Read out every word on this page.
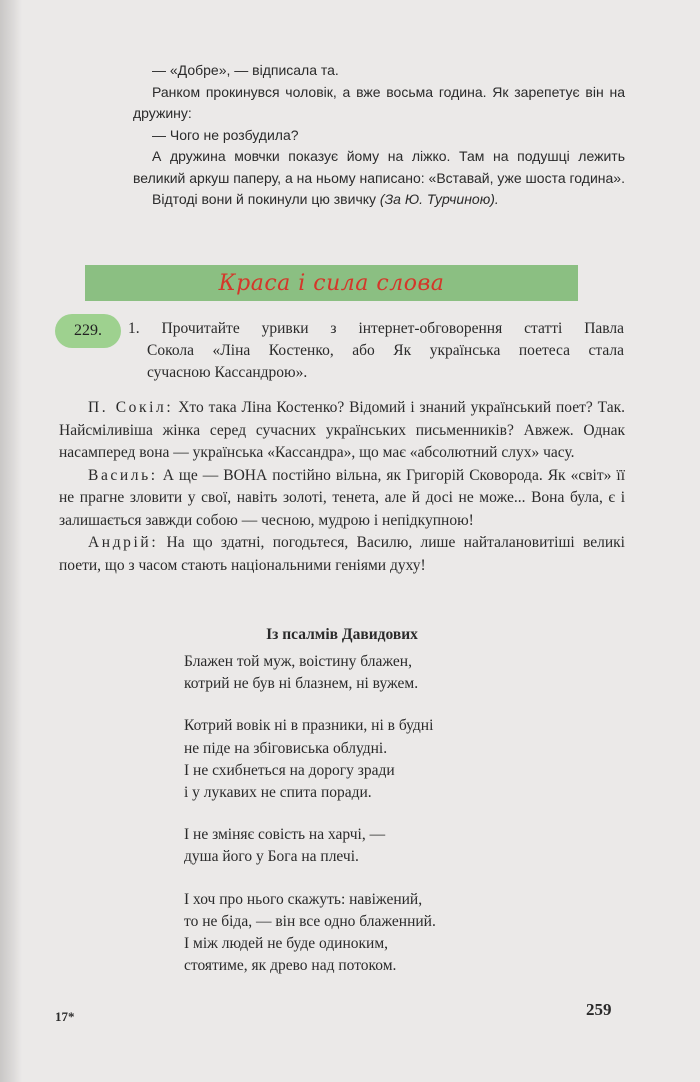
— «Добре», — відписала та.

Ранком прокинувся чоловік, а вже восьма година. Як зарепетує він на дружину:

— Чого не розбудила?

А дружина мовчки показує йому на ліжко. Там на подушці лежить великий аркуш паперу, а на ньому написано: «Вставай, уже шоста година».

Відтоді вони й покинули цю звичку (За Ю. Турчиною).

Краса і сила слова
229.	1. Прочитайте уривки з інтернет-обговорення статті Павла
Сокола «Ліна Костенко, або Як українська поетеса стала
сучасною Кассандрою».

П. Сокіл: Хто така Ліна Костенко? Відомий і знаний український поет? Так. Найсміливіша жінка серед сучасних українських письменників? Авжеж. Однак насамперед вона — українська «Кассандра», що має «абсолютний слух» часу.

Василь: А ще — ВОНА постійно вільна, як Григорій Сковорода. Як «світ» її не прагне зловити у свої, навіть золоті, тенета, але й досі не може... Вона була, є і залишається завжди собою — чесною, мудрою і непідкупною!

Андрій: На що здатні, погодьтеся, Василю, лише найталановитіші великі поети, що з часом стають національними геніями духу!

Із псалмів Давидових
Блажен той муж, воістину блажен,
котрий не був ні блазнем, ні вужем.
Котрий вовік ні в празники, ні в будні
не піде на збіговиська облудні.
І не схибнеться на дорогу зради
і у лукавих не спита поради.
І не зміняє совість на харчі, —
душа його у Бога на плечі.
І хоч про нього скажуть: навіжений,
то не біда, — він все одно блаженний.
І між людей не буде одиноким,
стоятиме, як древо над потоком.
17*	259
